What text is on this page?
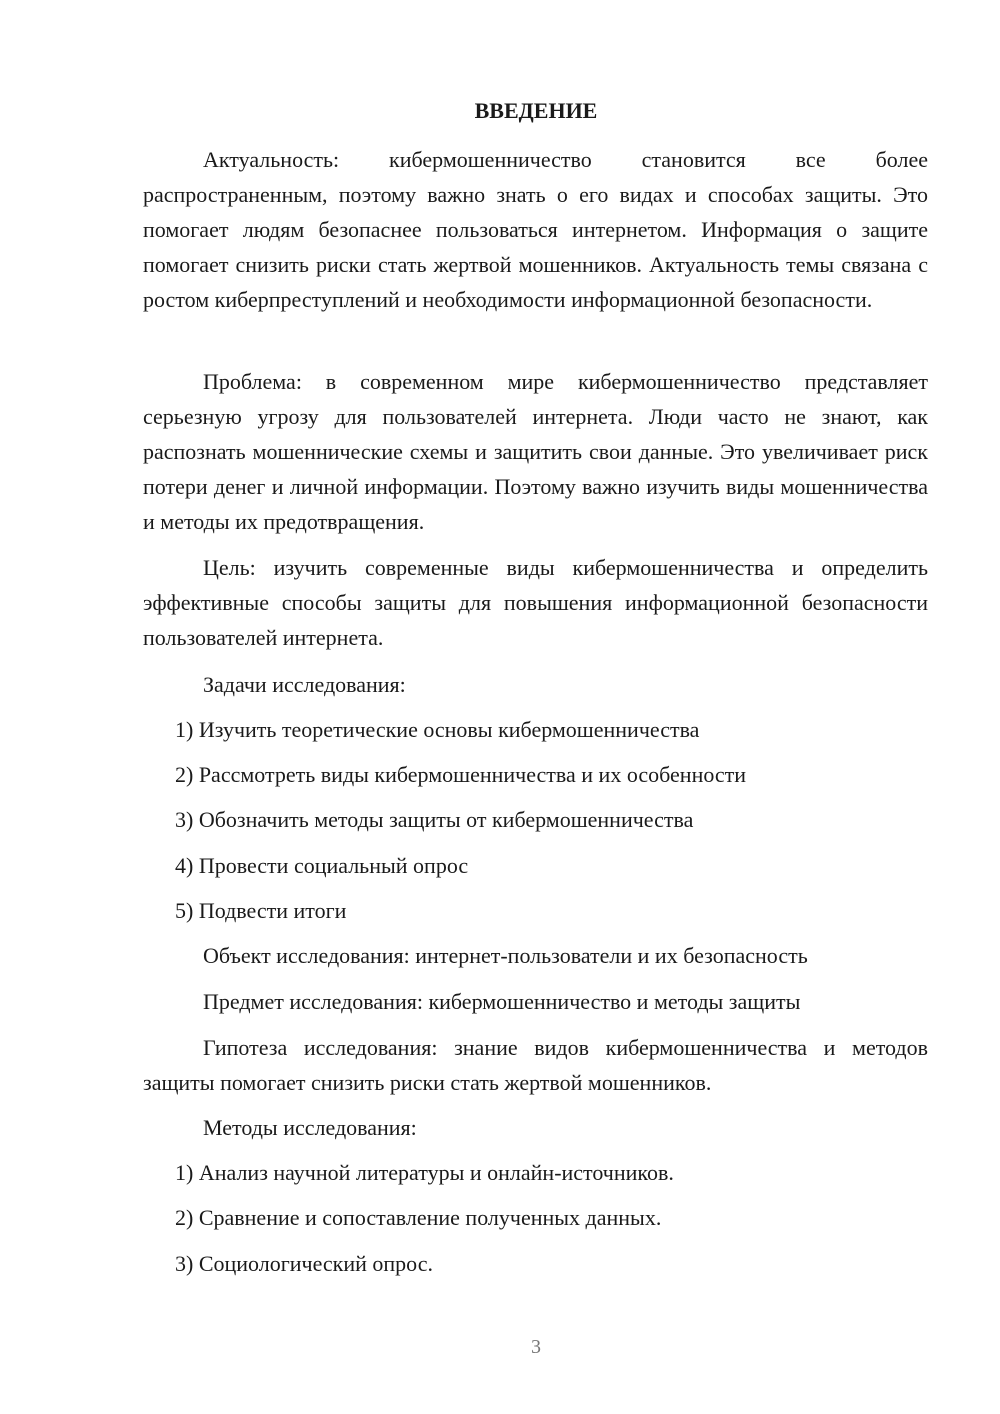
ВВЕДЕНИЕ

Актуальность: кибермошенничество становится все более распространенным, поэтому важно знать о его видах и способах защиты. Это помогает людям безопаснее пользоваться интернетом. Информация о защите помогает снизить риски стать жертвой мошенников. Актуальность темы связана с ростом киберпреступлений и необходимости информационной безопасности.

Проблема: в современном мире кибермошенничество представляет серьезную угрозу для пользователей интернета. Люди часто не знают, как распознать мошеннические схемы и защитить свои данные. Это увеличивает риск потери денег и личной информации. Поэтому важно изучить виды мошенничества и методы их предотвращения.

Цель: изучить современные виды кибермошенничества и определить эффективные способы защиты для повышения информационной безопасности пользователей интернета.

Задачи исследования:

1) Изучить теоретические основы кибермошенничества

2) Рассмотреть виды кибермошенничества и их особенности

3) Обозначить методы защиты от кибермошенничества

4) Провести социальный опрос

5) Подвести итоги

Объект исследования: интернет-пользователи и их безопасность

Предмет исследования: кибермошенничество и методы защиты

Гипотеза исследования: знание видов кибермошенничества и методов защиты помогает снизить риски стать жертвой мошенников.

Методы исследования:

1) Анализ научной литературы и онлайн-источников.

2) Сравнение и сопоставление полученных данных.

3) Социологический опрос.

3
